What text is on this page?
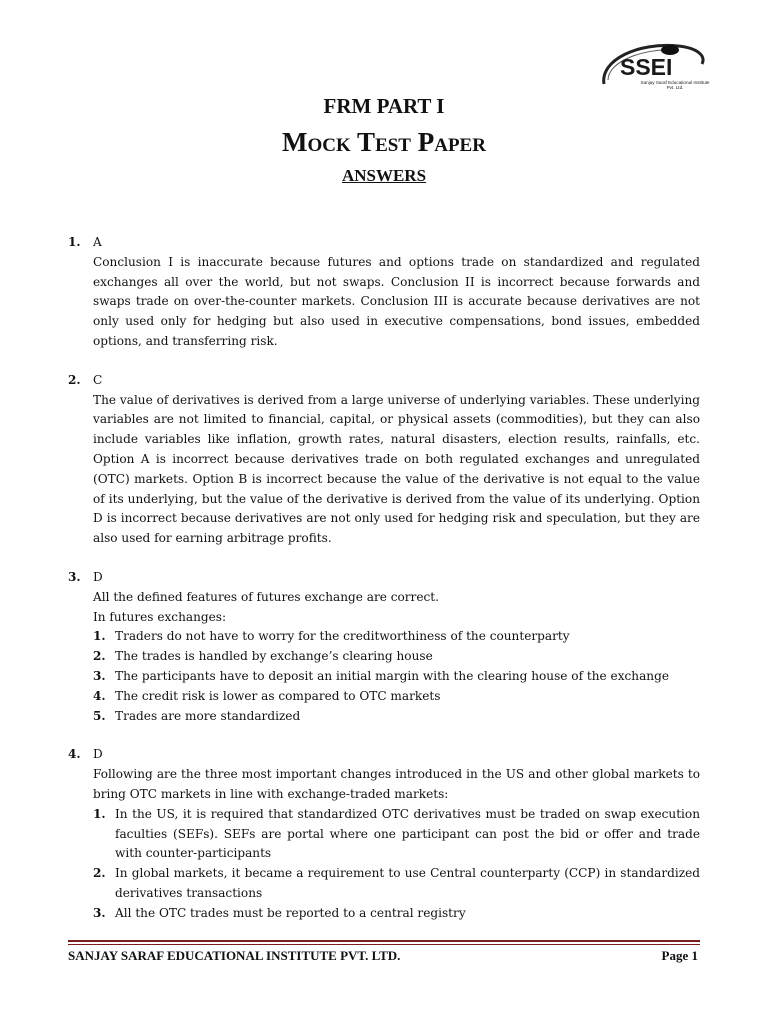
SSEI
Sanjay Saraf Educational Institute Pvt. Ltd.
FRM PART I
Mock Test Paper
ANSWERS
1. A
Conclusion I is inaccurate because futures and options trade on standardized and regulated exchanges all over the world, but not swaps. Conclusion II is incorrect because forwards and swaps trade on over-the-counter markets. Conclusion III is accurate because derivatives are not only used only for hedging but also used in executive compensations, bond issues, embedded options, and transferring risk.
2. C
The value of derivatives is derived from a large universe of underlying variables. These underlying variables are not limited to financial, capital, or physical assets (commodities), but they can also include variables like inflation, growth rates, natural disasters, election results, rainfalls, etc. Option A is incorrect because derivatives trade on both regulated exchanges and unregulated (OTC) markets. Option B is incorrect because the value of the derivative is not equal to the value of its underlying, but the value of the derivative is derived from the value of its underlying. Option D is incorrect because derivatives are not only used for hedging risk and speculation, but they are also used for earning arbitrage profits.
3. D
All the defined features of futures exchange are correct.
In futures exchanges:
1. Traders do not have to worry for the creditworthiness of the counterparty
2. The trades is handled by exchange’s clearing house
3. The participants have to deposit an initial margin with the clearing house of the exchange
4. The credit risk is lower as compared to OTC markets
5. Trades are more standardized
4. D
Following are the three most important changes introduced in the US and other global markets to bring OTC markets in line with exchange-traded markets:
1. In the US, it is required that standardized OTC derivatives must be traded on swap execution faculties (SEFs). SEFs are portal where one participant can post the bid or offer and trade with counter-participants
2. In global markets, it became a requirement to use Central counterparty (CCP) in standardized derivatives transactions
3. All the OTC trades must be reported to a central registry
SANJAY SARAF EDUCATIONAL INSTITUTE PVT. LTD.	Page 1
